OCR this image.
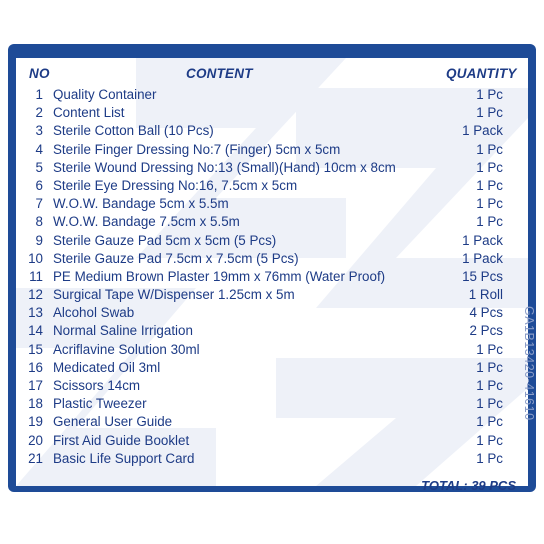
NO	CONTENT	QUANTITY
1 Quality Container	1 Pc
2 Content List	1 Pc
3 Sterile Cotton Ball (10 Pcs)	1 Pack
4 Sterile Finger Dressing No:7 (Finger) 5cm x 5cm	1 Pc
5 Sterile Wound Dressing No:13 (Small)(Hand) 10cm x 8cm	1 Pc
6 Sterile Eye Dressing No:16, 7.5cm x 5cm	1 Pc
7 W.O.W. Bandage 5cm x 5.5m	1 Pc
8 W.O.W. Bandage 7.5cm x 5.5m	1 Pc
9 Sterile Gauze Pad 5cm x 5cm (5 Pcs)	1 Pack
10 Sterile Gauze Pad 7.5cm x 7.5cm (5 Pcs)	1 Pack
11 PE Medium Brown Plaster 19mm x 76mm (Water Proof)	15 Pcs
12 Surgical Tape W/Dispenser 1.25cm x 5m	1 Roll
13 Alcohol Swab	4 Pcs
14 Normal Saline Irrigation	2 Pcs
15 Acriflavine Solution 30ml	1 Pc
16 Medicated Oil 3ml	1 Pc
17 Scissors 14cm	1 Pc
18 Plastic Tweezer	1 Pc
19 General User Guide	1 Pc
20 First Aid Guide Booklet	1 Pc
21 Basic Life Support Card	1 Pc
TOTAL: 39 PCS
GA1B13420-41610
